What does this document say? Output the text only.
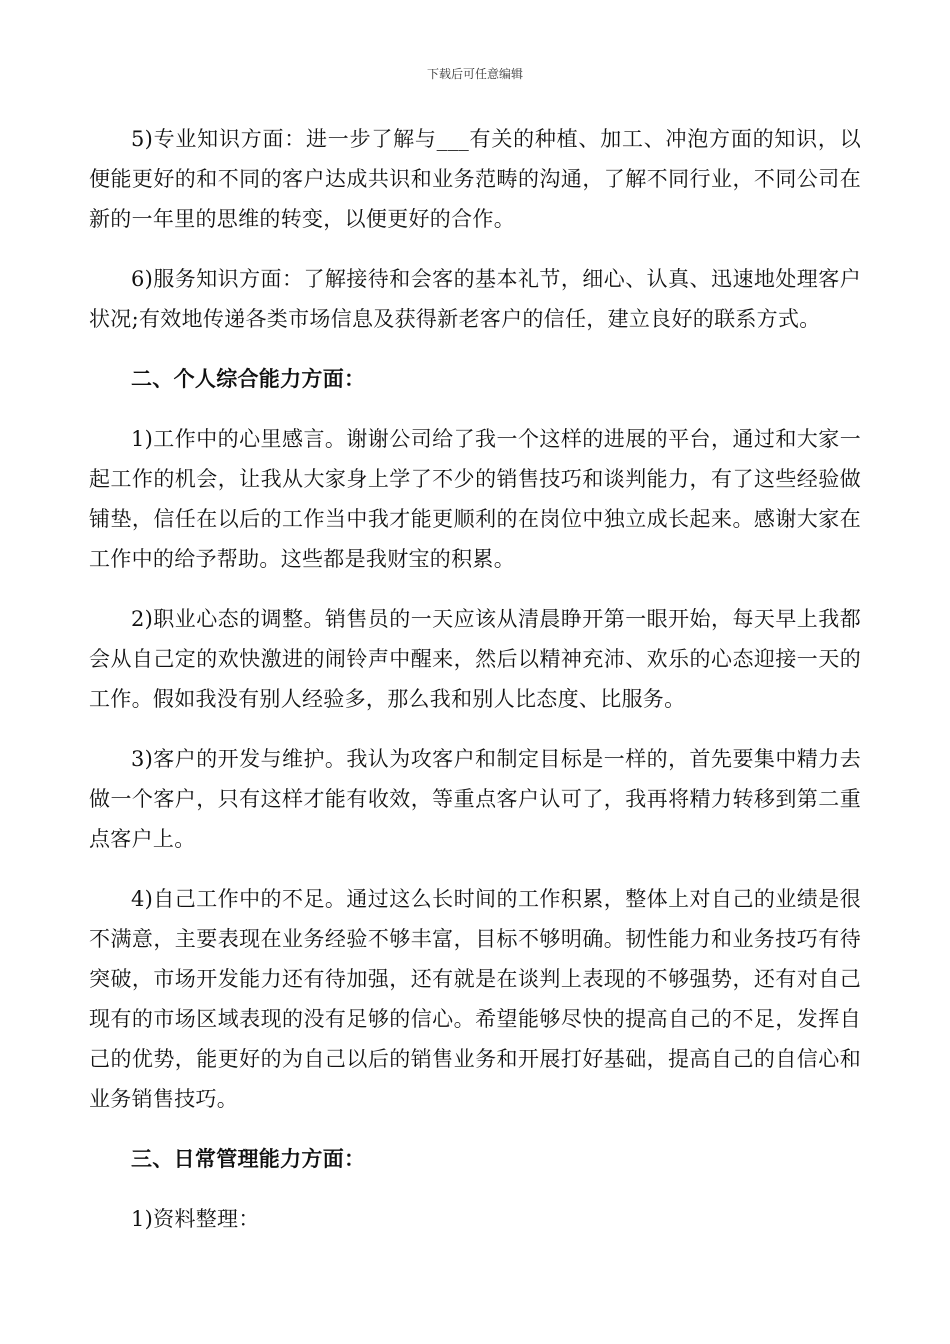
下载后可任意编辑

5)专业知识方面：进一步了解与___有关的种植、加工、冲泡方面的知识，以便能更好的和不同的客户达成共识和业务范畴的沟通，了解不同行业，不同公司在新的一年里的思维的转变，以便更好的合作。

6)服务知识方面：了解接待和会客的基本礼节，细心、认真、迅速地处理客户状况;有效地传递各类市场信息及获得新老客户的信任，建立良好的联系方式。

二、个人综合能力方面：

1)工作中的心里感言。谢谢公司给了我一个这样的进展的平台，通过和大家一起工作的机会，让我从大家身上学了不少的销售技巧和谈判能力，有了这些经验做铺垫，信任在以后的工作当中我才能更顺利的在岗位中独立成长起来。感谢大家在工作中的给予帮助。这些都是我财宝的积累。

2)职业心态的调整。销售员的一天应该从清晨睁开第一眼开始，每天早上我都会从自己定的欢快激进的闹铃声中醒来，然后以精神充沛、欢乐的心态迎接一天的工作。假如我没有别人经验多，那么我和别人比态度、比服务。

3)客户的开发与维护。我认为攻客户和制定目标是一样的，首先要集中精力去做一个客户，只有这样才能有收效，等重点客户认可了，我再将精力转移到第二重点客户上。

4)自己工作中的不足。通过这么长时间的工作积累，整体上对自己的业绩是很不满意，主要表现在业务经验不够丰富，目标不够明确。韧性能力和业务技巧有待突破，市场开发能力还有待加强，还有就是在谈判上表现的不够强势，还有对自己现有的市场区域表现的没有足够的信心。希望能够尽快的提高自己的不足，发挥自己的优势，能更好的为自己以后的销售业务和开展打好基础，提高自己的自信心和业务销售技巧。

三、日常管理能力方面：

1)资料整理：
